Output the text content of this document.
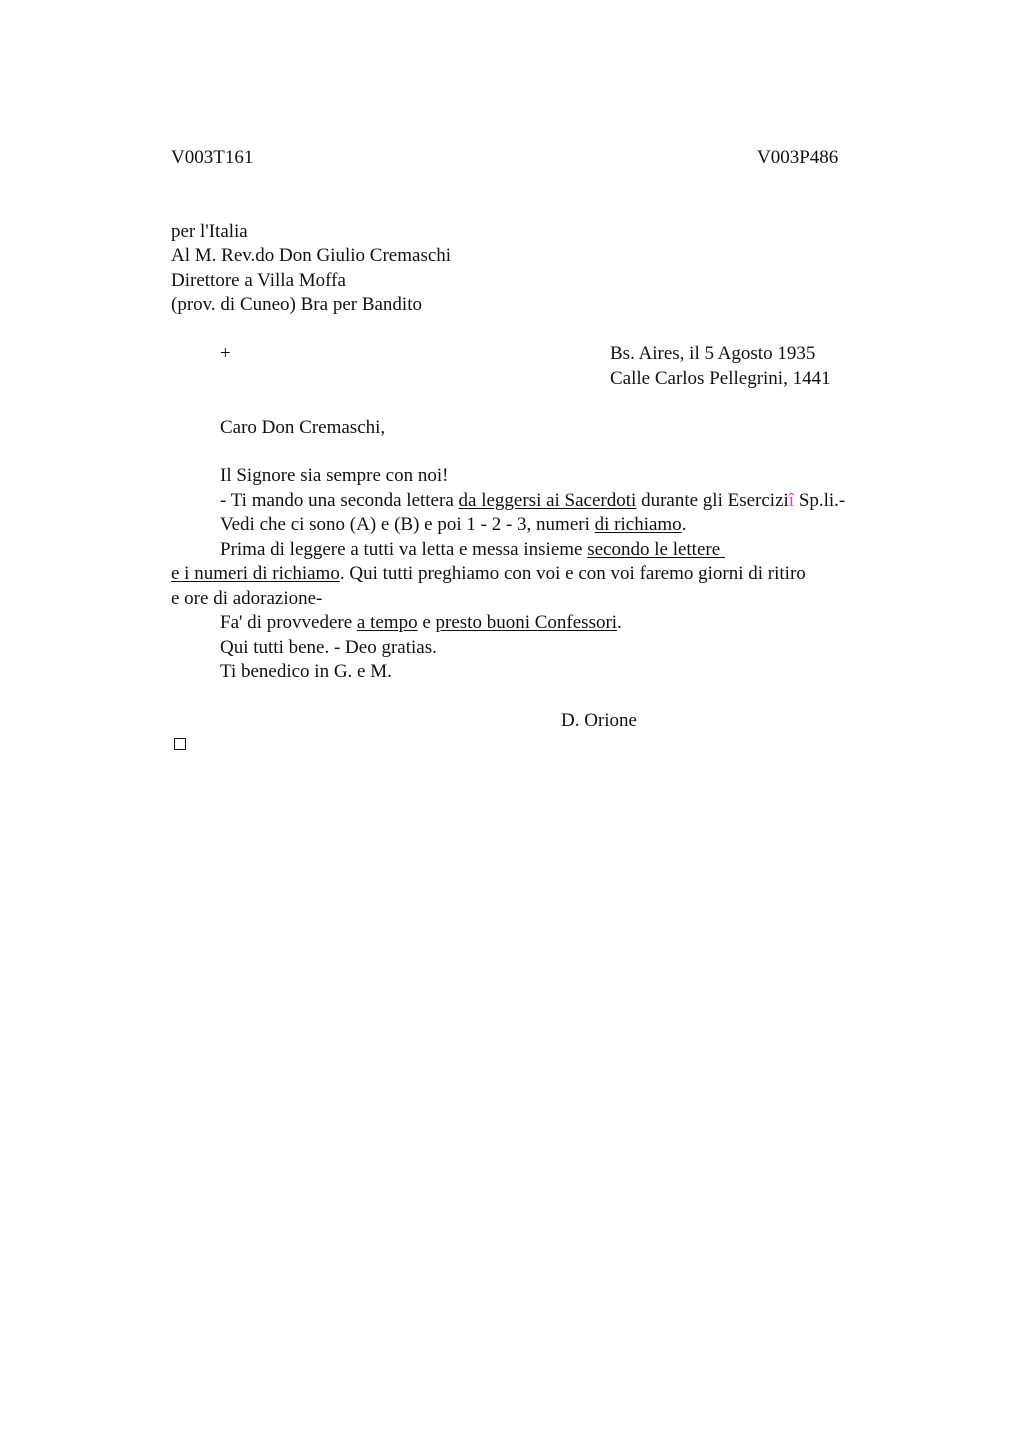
V003T161	V003P486
per l'Italia
Al M. Rev.do Don Giulio Cremaschi
Direttore a Villa Moffa
(prov. di Cuneo) Bra per Bandito
+	Bs. Aires, il 5 Agosto 1935
Calle Carlos Pellegrini, 1441
Caro Don Cremaschi,
Il Signore sia sempre con noi!
- Ti mando una seconda lettera da leggersi ai Sacerdoti durante gli Eserciziî Sp.li.-
Vedi che ci sono (A) e (B) e poi 1 - 2 - 3, numeri di richiamo.
Prima di leggere a tutti va letta e messa insieme secondo le lettere
e i numeri di richiamo. Qui tutti preghiamo con voi e con voi faremo giorni di ritiro
e ore di adorazione-
Fa' di provvedere a tempo e presto buoni Confessori.
Qui tutti bene. - Deo gratias.
Ti benedico in G. e M.
D. Orione
